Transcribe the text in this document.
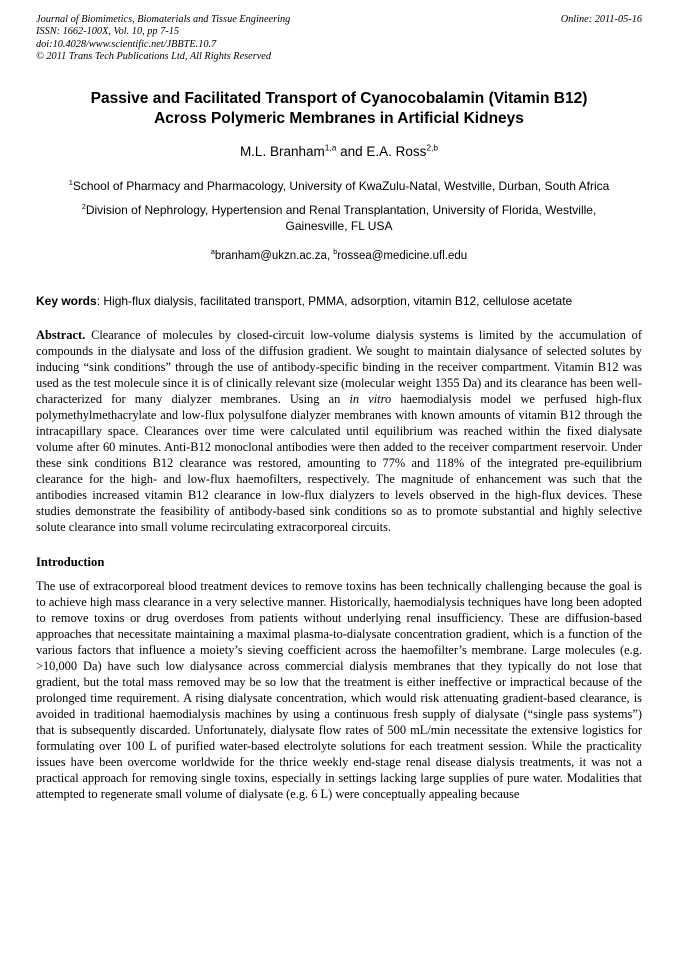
Journal of Biomimetics, Biomaterials and Tissue Engineering
ISSN: 1662-100X, Vol. 10, pp 7-15
doi:10.4028/www.scientific.net/JBBTE.10.7
© 2011 Trans Tech Publications Ltd, All Rights Reserved
Online: 2011-05-16
Passive and Facilitated Transport of Cyanocobalamin (Vitamin B12)
Across Polymeric Membranes in Artificial Kidneys
M.L. Branham$^{1,a}$ and E.A. Ross$^{2,b}$
$^1$School of Pharmacy and Pharmacology, University of KwaZulu-Natal, Westville, Durban, South Africa
$^2$Division of Nephrology, Hypertension and Renal Transplantation, University of Florida, Westville, Gainesville, FL USA
$^a$branham@ukzn.ac.za, $^b$rossea@medicine.ufl.edu

Key words: High-flux dialysis, facilitated transport, PMMA, adsorption, vitamin B12, cellulose acetate

Abstract. Clearance of molecules by closed-circuit low-volume dialysis systems is limited by the accumulation of compounds in the dialysate and loss of the diffusion gradient. We sought to maintain dialysance of selected solutes by inducing “sink conditions” through the use of antibody-specific binding in the receiver compartment. Vitamin B12 was used as the test molecule since it is of clinically relevant size (molecular weight 1355 Da) and its clearance has been well-characterized for many dialyzer membranes. Using an in vitro haemodialysis model we perfused high-flux polymethylmethacrylate and low-flux polysulfone dialyzer membranes with known amounts of vitamin B12 through the intracapillary space. Clearances over time were calculated until equilibrium was reached within the fixed dialysate volume after 60 minutes. Anti-B12 monoclonal antibodies were then added to the receiver compartment reservoir. Under these sink conditions B12 clearance was restored, amounting to 77% and 118% of the integrated pre-equilibrium clearance for the high- and low-flux haemofilters, respectively. The magnitude of enhancement was such that the antibodies increased vitamin B12 clearance in low-flux dialyzers to levels observed in the high-flux devices. These studies demonstrate the feasibility of antibody-based sink conditions so as to promote substantial and highly selective solute clearance into small volume recirculating extracorporeal circuits.

Introduction

The use of extracorporeal blood treatment devices to remove toxins has been technically challenging because the goal is to achieve high mass clearance in a very selective manner. Historically, haemodialysis techniques have long been adopted to remove toxins or drug overdoses from patients without underlying renal insufficiency. These are diffusion-based approaches that necessitate maintaining a maximal plasma-to-dialysate concentration gradient, which is a function of the various factors that influence a moiety’s sieving coefficient across the haemofilter’s membrane. Large molecules (e.g. >10,000 Da) have such low dialysance across commercial dialysis membranes that they typically do not lose that gradient, but the total mass removed may be so low that the treatment is either ineffective or impractical because of the prolonged time requirement. A rising dialysate concentration, which would risk attenuating gradient-based clearance, is avoided in traditional haemodialysis machines by using a continuous fresh supply of dialysate (“single pass systems”) that is subsequently discarded. Unfortunately, dialysate flow rates of 500 mL/min necessitate the extensive logistics for formulating over 100 L of purified water-based electrolyte solutions for each treatment session. While the practicality issues have been overcome worldwide for the thrice weekly end-stage renal disease dialysis treatments, it was not a practical approach for removing single toxins, especially in settings lacking large supplies of pure water. Modalities that attempted to regenerate small volume of dialysate (e.g. 6 L) were conceptually appealing because
